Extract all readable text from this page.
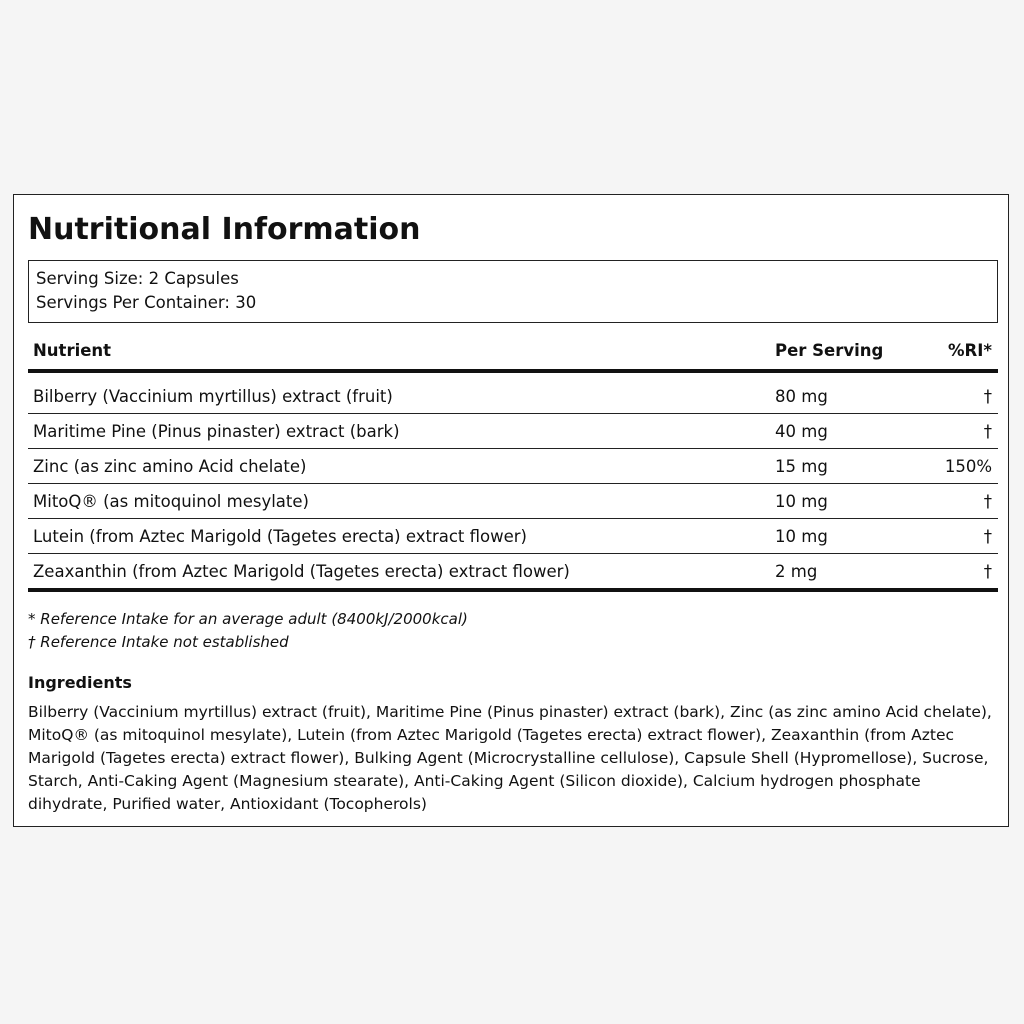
Nutritional Information
Serving Size: 2 Capsules
Servings Per Container: 30
Nutrient	Per Serving	%RI*
Bilberry (Vaccinium myrtillus) extract (fruit)	80 mg	†
Maritime Pine (Pinus pinaster) extract (bark)	40 mg	†
Zinc (as zinc amino Acid chelate)	15 mg	150%
MitoQ® (as mitoquinol mesylate)	10 mg	†
Lutein (from Aztec Marigold (Tagetes erecta) extract flower)	10 mg	†
Zeaxanthin (from Aztec Marigold (Tagetes erecta) extract flower)	2 mg	†
* Reference Intake for an average adult (8400kJ/2000kcal)
† Reference Intake not established
Ingredients

Bilberry (Vaccinium myrtillus) extract (fruit), Maritime Pine (Pinus pinaster) extract (bark), Zinc (as zinc amino Acid chelate), MitoQ® (as mitoquinol mesylate), Lutein (from Aztec Marigold (Tagetes erecta) extract flower), Zeaxanthin (from Aztec Marigold (Tagetes erecta) extract flower), Bulking Agent (Microcrystalline cellulose), Capsule Shell (Hypromellose), Sucrose, Starch, Anti-Caking Agent (Magnesium stearate), Anti-Caking Agent (Silicon dioxide), Calcium hydrogen phosphate dihydrate, Purified water, Antioxidant (Tocopherols)
